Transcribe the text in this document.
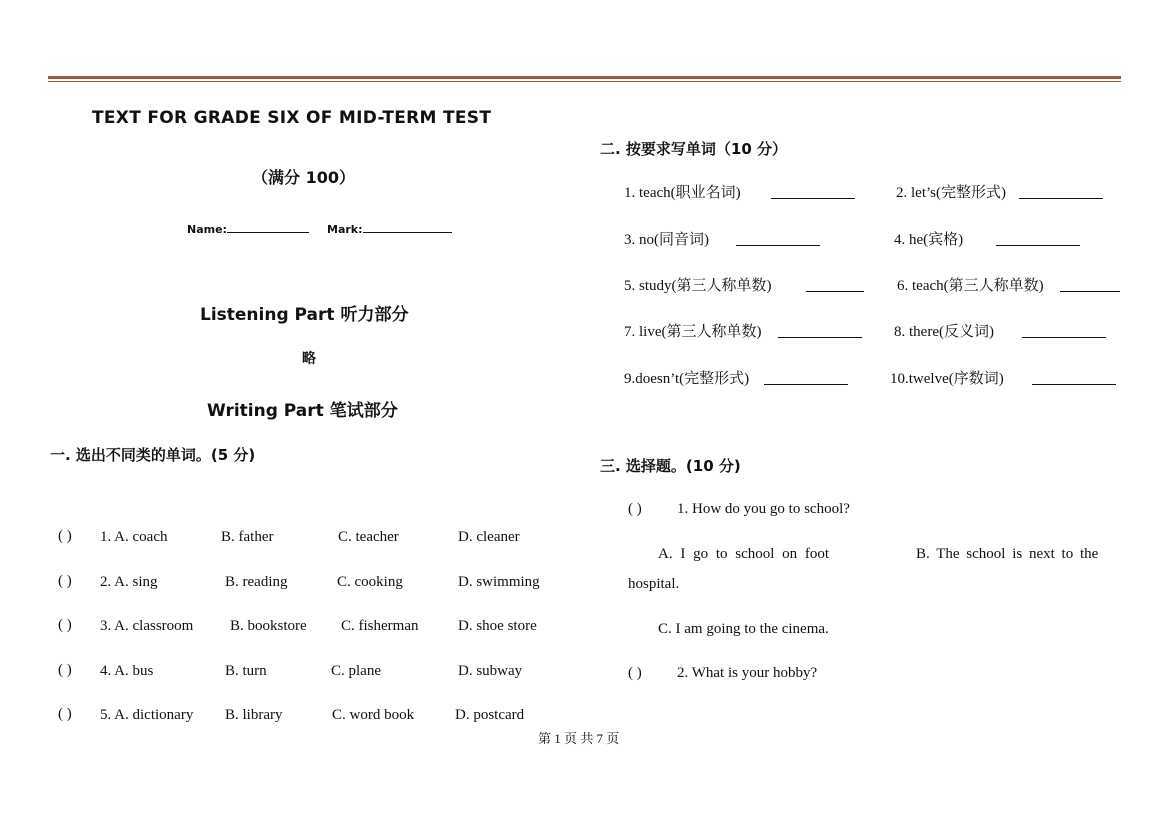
TEXT FOR GRADE SIX OF MID-TERM TEST
（满分 100）
Name:	Mark:
Listening Part 听力部分
略
Writing Part 笔试部分
一. 选出不同类的单词。(5 分)
( ) 1. A. coach	B. father	C. teacher	D. cleaner
( ) 2. A. sing	B. reading	C. cooking	D. swimming
( ) 3. A. classroom B. bookstore C. fisherman	D. shoe store
( ) 4. A. bus	B. turn	C. plane	D. subway
( ) 5. A. dictionary B. library	C. word book	D. postcard
二. 按要求写单词（10 分）
1. teach(职业名词)	2. let’s(完整形式)
3. no(同音词)	4. he(宾格)
5. study(第三人称单数)	6. teach(第三人称单数)
7. live(第三人称单数)	8. there(反义词)
9.doesn’t(完整形式)	10.twelve(序数词)
三. 选择题。(10 分)
( ) 1. How do you go to school?
A. I go to school on foot	B. The school is next to the
hospital.
C. I am going to the cinema.
( ) 2. What is your hobby?
第 1 页 共 7 页
